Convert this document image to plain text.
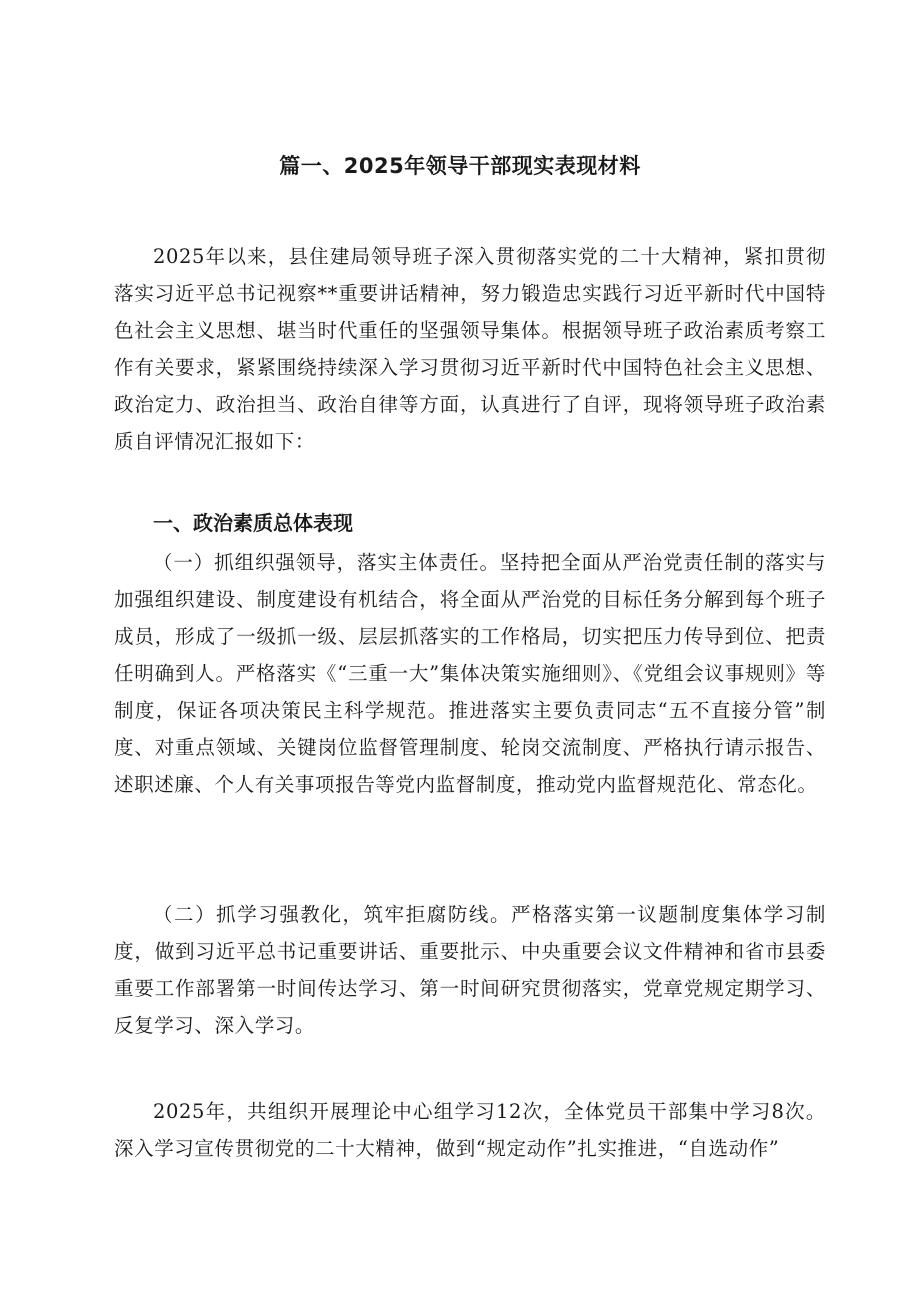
篇一、2025年领导干部现实表现材料

2025年以来，县住建局领导班子深入贯彻落实党的二十大精神，紧扣贯彻落实习近平总书记视察**重要讲话精神，努力锻造忠实践行习近平新时代中国特色社会主义思想、堪当时代重任的坚强领导集体。根据领导班子政治素质考察工作有关要求，紧紧围绕持续深入学习贯彻习近平新时代中国特色社会主义思想、政治定力、政治担当、政治自律等方面，认真进行了自评，现将领导班子政治素质自评情况汇报如下：

一、政治素质总体表现

（一）抓组织强领导，落实主体责任。坚持把全面从严治党责任制的落实与加强组织建设、制度建设有机结合，将全面从严治党的目标任务分解到每个班子成员，形成了一级抓一级、层层抓落实的工作格局，切实把压力传导到位、把责任明确到人。严格落实《“三重一大”集体决策实施细则》、《党组会议事规则》等制度，保证各项决策民主科学规范。推进落实主要负责同志“五不直接分管”制度、对重点领域、关键岗位监督管理制度、轮岗交流制度、严格执行请示报告、述职述廉、个人有关事项报告等党内监督制度，推动党内监督规范化、常态化。

（二）抓学习强教化，筑牢拒腐防线。严格落实第一议题制度集体学习制度，做到习近平总书记重要讲话、重要批示、中央重要会议文件精神和省市县委重要工作部署第一时间传达学习、第一时间研究贯彻落实，党章党规定期学习、反复学习、深入学习。

2025年，共组织开展理论中心组学习12次，全体党员干部集中学习8次。深入学习宣传贯彻党的二十大精神，做到“规定动作”扎实推进，“自选动作”
